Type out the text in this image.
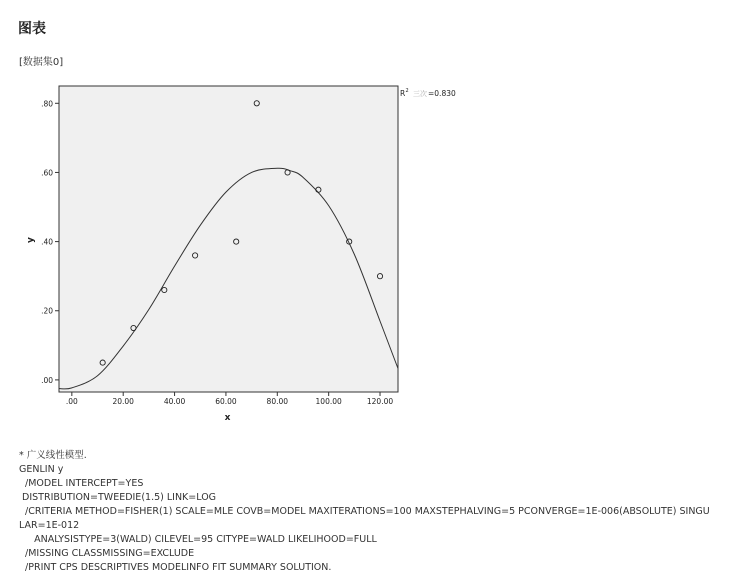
图表
[数据集0]
.00
.20
.40
.60
.80
.00	20.00	40.00	60.00	80.00	100.00	120.00
x
y
R 2 三次 =0.830
* 广义线性模型.
GENLIN y
/MODEL INTERCEPT=YES
DISTRIBUTION=TWEEDIE(1.5) LINK=LOG
/CRITERIA METHOD=FISHER(1) SCALE=MLE COVB=MODEL MAXITERATIONS=100 MAXSTEPHALVING=5 PCONVERGE=1E-006(ABSOLUTE) SINGU
LAR=1E-012
ANALYSISTYPE=3(WALD) CILEVEL=95 CITYPE=WALD LIKELIHOOD=FULL
/MISSING CLASSMISSING=EXCLUDE
/PRINT CPS DESCRIPTIVES MODELINFO FIT SUMMARY SOLUTION.
